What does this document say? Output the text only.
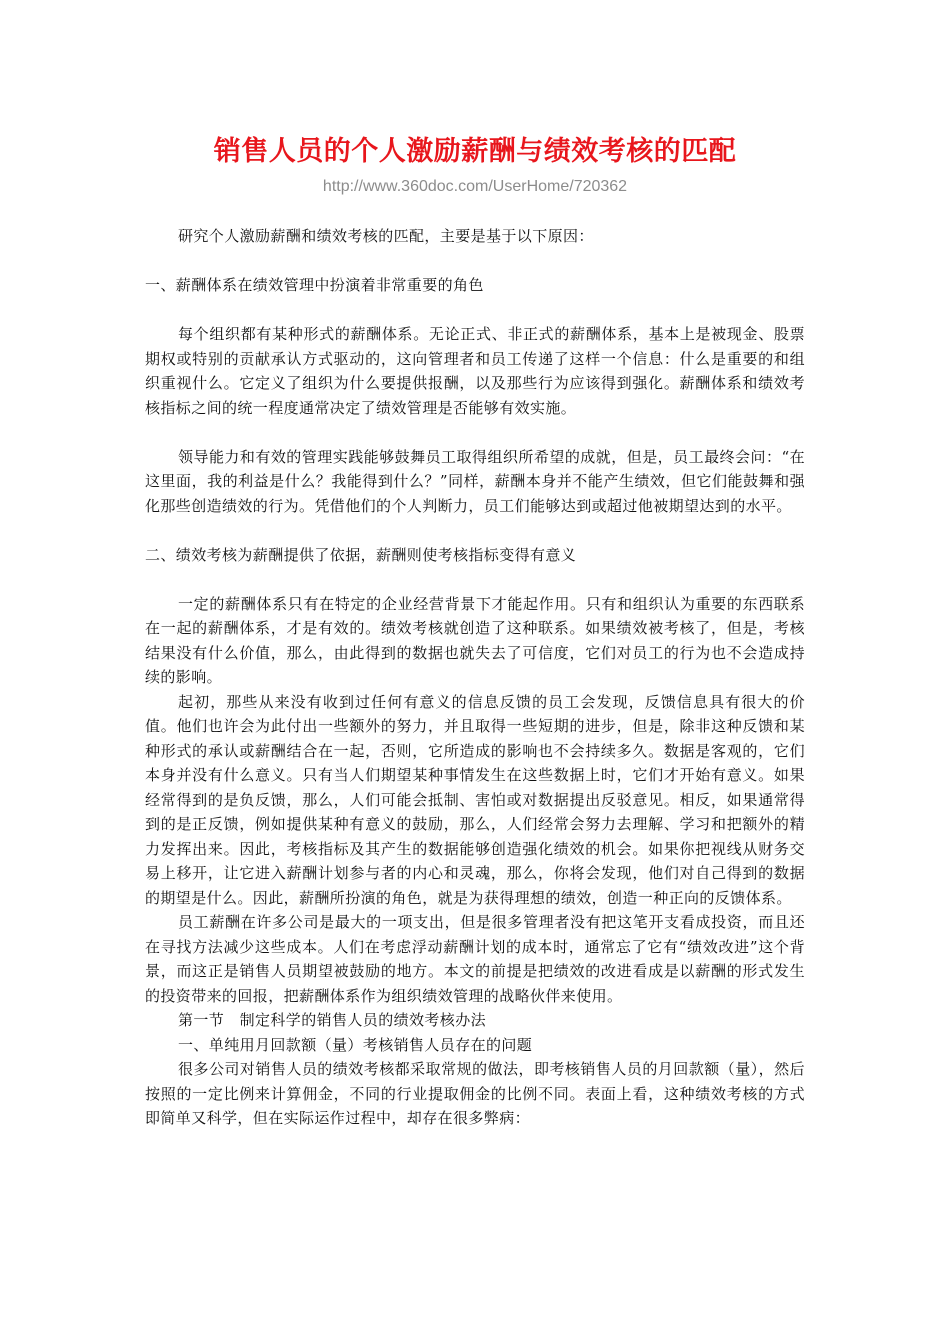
销售人员的个人激励薪酬与绩效考核的匹配
http://www.360doc.com/UserHome/720362

研究个人激励薪酬和绩效考核的匹配，主要是基于以下原因：

一、薪酬体系在绩效管理中扮演着非常重要的角色

每个组织都有某种形式的薪酬体系。无论正式、非正式的薪酬体系，基本上是被现金、股票期权或特别的贡献承认方式驱动的，这向管理者和员工传递了这样一个信息：什么是重要的和组织重视什么。它定义了组织为什么要提供报酬，以及那些行为应该得到强化。薪酬体系和绩效考核指标之间的统一程度通常决定了绩效管理是否能够有效实施。

领导能力和有效的管理实践能够鼓舞员工取得组织所希望的成就，但是，员工最终会问：“在这里面，我的利益是什么？我能得到什么？”同样，薪酬本身并不能产生绩效，但它们能鼓舞和强化那些创造绩效的行为。凭借他们的个人判断力，员工们能够达到或超过他被期望达到的水平。

二、绩效考核为薪酬提供了依据，薪酬则使考核指标变得有意义

一定的薪酬体系只有在特定的企业经营背景下才能起作用。只有和组织认为重要的东西联系在一起的薪酬体系，才是有效的。绩效考核就创造了这种联系。如果绩效被考核了，但是，考核结果没有什么价值，那么，由此得到的数据也就失去了可信度，它们对员工的行为也不会造成持续的影响。

起初，那些从来没有收到过任何有意义的信息反馈的员工会发现，反馈信息具有很大的价值。他们也许会为此付出一些额外的努力，并且取得一些短期的进步，但是，除非这种反馈和某种形式的承认或薪酬结合在一起，否则，它所造成的影响也不会持续多久。数据是客观的，它们本身并没有什么意义。只有当人们期望某种事情发生在这些数据上时，它们才开始有意义。如果经常得到的是负反馈，那么，人们可能会抵制、害怕或对数据提出反驳意见。相反，如果通常得到的是正反馈，例如提供某种有意义的鼓励，那么，人们经常会努力去理解、学习和把额外的精力发挥出来。因此，考核指标及其产生的数据能够创造强化绩效的机会。如果你把视线从财务交易上移开，让它进入薪酬计划参与者的内心和灵魂，那么，你将会发现，他们对自己得到的数据的期望是什么。因此，薪酬所扮演的角色，就是为获得理想的绩效，创造一种正向的反馈体系。

员工薪酬在许多公司是最大的一项支出，但是很多管理者没有把这笔开支看成投资，而且还在寻找方法减少这些成本。人们在考虑浮动薪酬计划的成本时，通常忘了它有“绩效改进”这个背景，而这正是销售人员期望被鼓励的地方。本文的前提是把绩效的改进看成是以薪酬的形式发生的投资带来的回报，把薪酬体系作为组织绩效管理的战略伙伴来使用。

第一节　制定科学的销售人员的绩效考核办法

一、单纯用月回款额（量）考核销售人员存在的问题

很多公司对销售人员的绩效考核都采取常规的做法，即考核销售人员的月回款额（量），然后按照的一定比例来计算佣金，不同的行业提取佣金的比例不同。表面上看，这种绩效考核的方式即简单又科学，但在实际运作过程中，却存在很多弊病：
